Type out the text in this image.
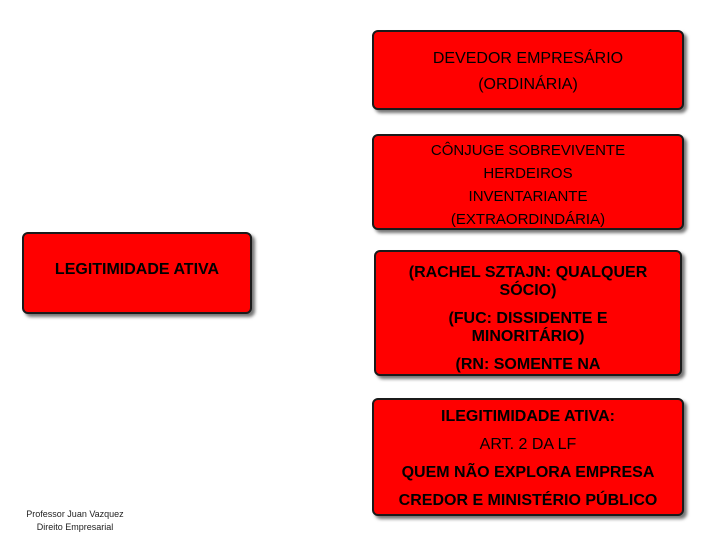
DEVEDOR EMPRESÁRIO
(ORDINÁRIA)
CÔNJUGE SOBREVIVENTE
HERDEIROS
INVENTARIANTE
(EXTRAORDINDÁRIA)
LEGITIMIDADE ATIVA	(RACHEL SZTAJN: QUALQUER
SÓCIO)
(FUC: DISSIDENTE E
MINORITÁRIO)
(RN: SOMENTE NA
ILEGITIMIDADE ATIVA:
ART. 2 DA LF
QUEM NÃO EXPLORA EMPRESA
CREDOR E MINISTÉRIO PÚBLICO
Professor Juan Vazquez
Direito Empresarial
